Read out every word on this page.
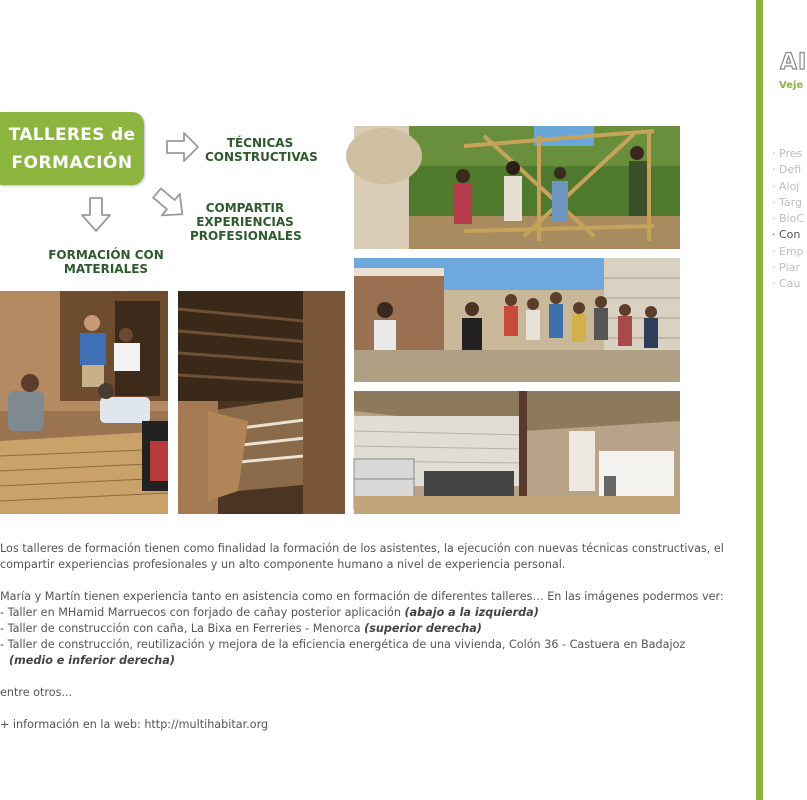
TALLERES de
FORMACIÓN
TÉCNICAS
CONSTRUCTIVAS
COMPARTIR
EXPERIENCIAS
PROFESIONALES
FORMACIÓN CON
MATERIALES

Los talleres de formación tienen como finalidad la formación de los asistentes, la ejecución con nuevas técnicas constructivas, el

compartir experiencias profesionales y un alto componente humano a nivel de experiencia personal.

María y Martín tienen experiencia tanto en asistencia como en formación de diferentes talleres… En las imágenes podermos ver:

- Taller en MHamid Marruecos con forjado de cañay posterior aplicación (abajo a la izquierda)

- Taller de construcción con caña, La Bixa en Ferreries - Menorca (superior derecha)

- Taller de construcción, reutilización y mejora de la eficiencia energética de una vivienda, Colón 36 - Castuera en Badajoz

(medio e inferior derecha)

entre otros...

+ información en la web: http://multihabitar.org

AI
Veje
· Pres
· Defi
· Aloj
· Targ
· BioC
· Con
· Emp
· Plar
· Cau
